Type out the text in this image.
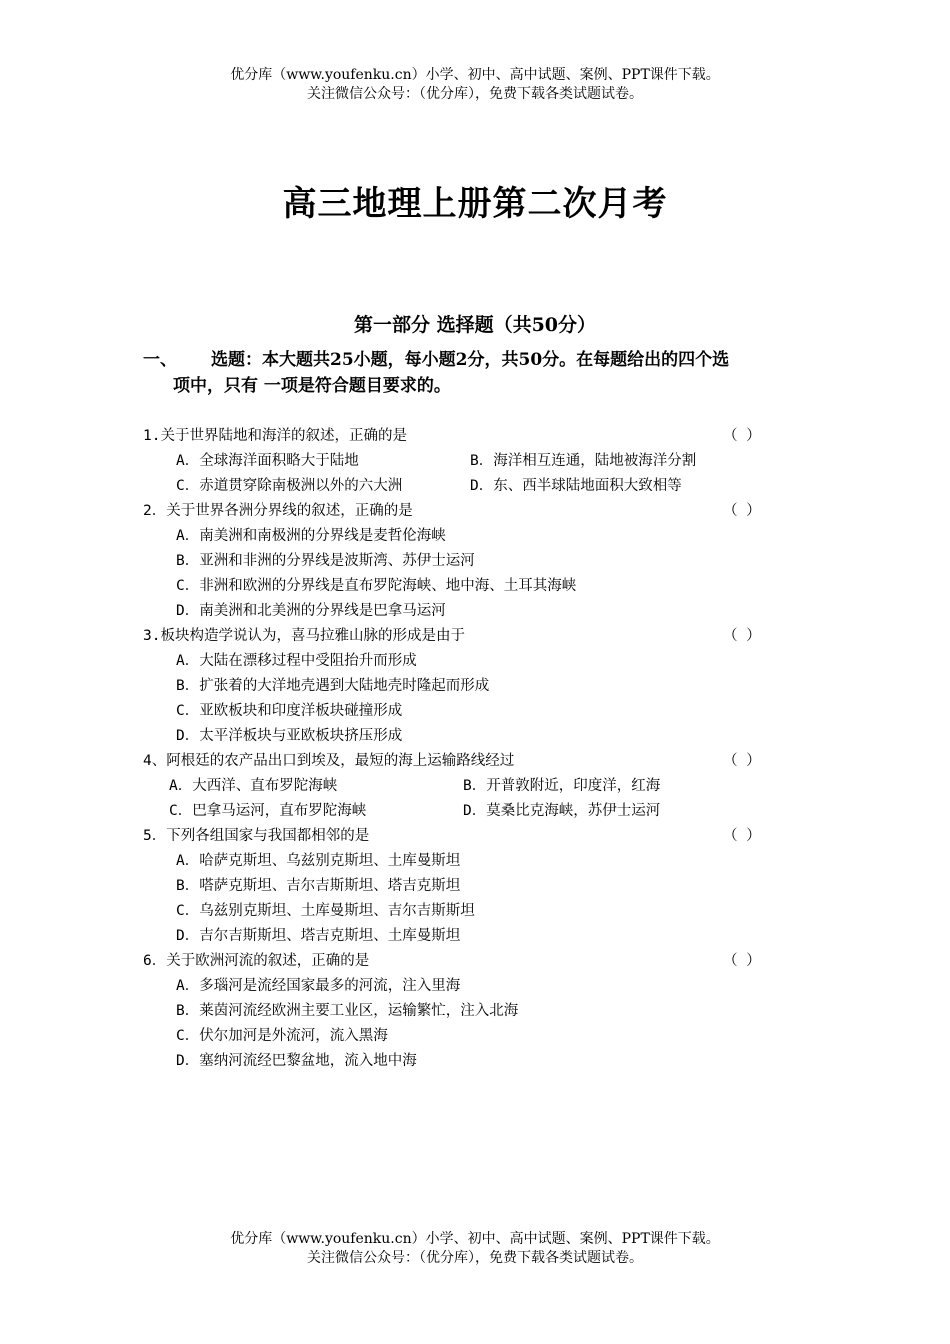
优分库（www.youfenku.cn）小学、初中、高中试题、案例、PPT课件下载。
关注微信公众号：（优分库），免费下载各类试题试卷。
高三地理上册第二次月考
第一部分 选择题（共50分）
一、 选题：本大题共25小题，每小题2分，共50分。在每题给出的四个选
项中，只有 一项是符合题目要求的。
1.关于世界陆地和海洋的叙述，正确的是	（ ）
A．全球海洋面积略大于陆地	B．海洋相互连通，陆地被海洋分割
C．赤道贯穿除南极洲以外的六大洲	D．东、西半球陆地面积大致相等
2．关于世界各洲分界线的叙述，正确的是	（ ）
A．南美洲和南极洲的分界线是麦哲伦海峡
B．亚洲和非洲的分界线是波斯湾、苏伊士运河
C．非洲和欧洲的分界线是直布罗陀海峡、地中海、土耳其海峡
D．南美洲和北美洲的分界线是巴拿马运河
3.板块构造学说认为，喜马拉雅山脉的形成是由于	（ ）
A．大陆在漂移过程中受阻抬升而形成
B．扩张着的大洋地壳遇到大陆地壳时隆起而形成
C．亚欧板块和印度洋板块碰撞形成
D．太平洋板块与亚欧板块挤压形成
4、阿根廷的农产品出口到埃及，最短的海上运输路线经过	（ ）
A．大西洋、直布罗陀海峡	B．开普敦附近，印度洋，红海
C．巴拿马运河，直布罗陀海峡	D．莫桑比克海峡，苏伊士运河
5．下列各组国家与我国都相邻的是	（ ）
A．哈萨克斯坦、乌兹别克斯坦、土库曼斯坦
B．嗒萨克斯坦、吉尔吉斯斯坦、塔吉克斯坦
C．乌兹别克斯坦、土库曼斯坦、吉尔吉斯斯坦
D．吉尔吉斯斯坦、塔吉克斯坦、土库曼斯坦
6．关于欧洲河流的叙述，正确的是	（ ）
A．多瑙河是流经国家最多的河流，注入里海
B．莱茵河流经欧洲主要工业区，运输繁忙，注入北海
C．伏尔加河是外流河，流入黑海
D．塞纳河流经巴黎盆地，流入地中海
优分库（www.youfenku.cn）小学、初中、高中试题、案例、PPT课件下载。
关注微信公众号：（优分库），免费下载各类试题试卷。
